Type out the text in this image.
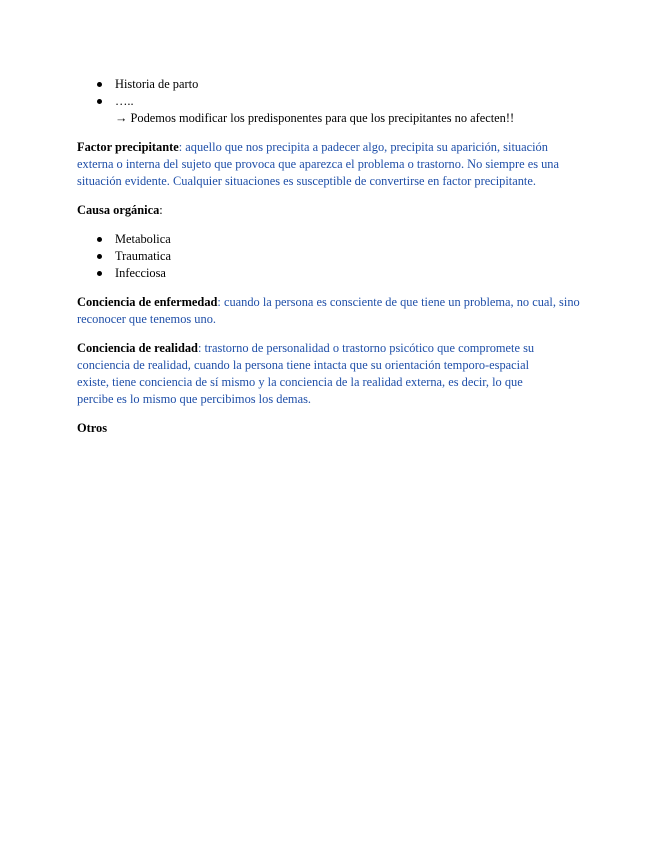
Historia de parto
…..
→ Podemos modificar los predisponentes para que los precipitantes no afecten!!

Factor precipitante: aquello que nos precipita a padecer algo, precipita su aparición, situación externa o interna del sujeto que provoca que aparezca el problema o trastorno. No siempre es una situación evidente. Cualquier situaciones es susceptible de convertirse en factor precipitante.

Causa orgánica:

Metabolica
Traumatica
Infecciosa

Conciencia de enfermedad: cuando la persona es consciente de que tiene un problema, no cual, sino reconocer que tenemos uno.

Conciencia de realidad: trastorno de personalidad o trastorno psicótico que compromete su conciencia de realidad, cuando la persona tiene intacta que su orientación temporo-espacial existe, tiene conciencia de sí mismo y la conciencia de la realidad externa, es decir, lo que percibe es lo mismo que percibimos los demas.

Otros
